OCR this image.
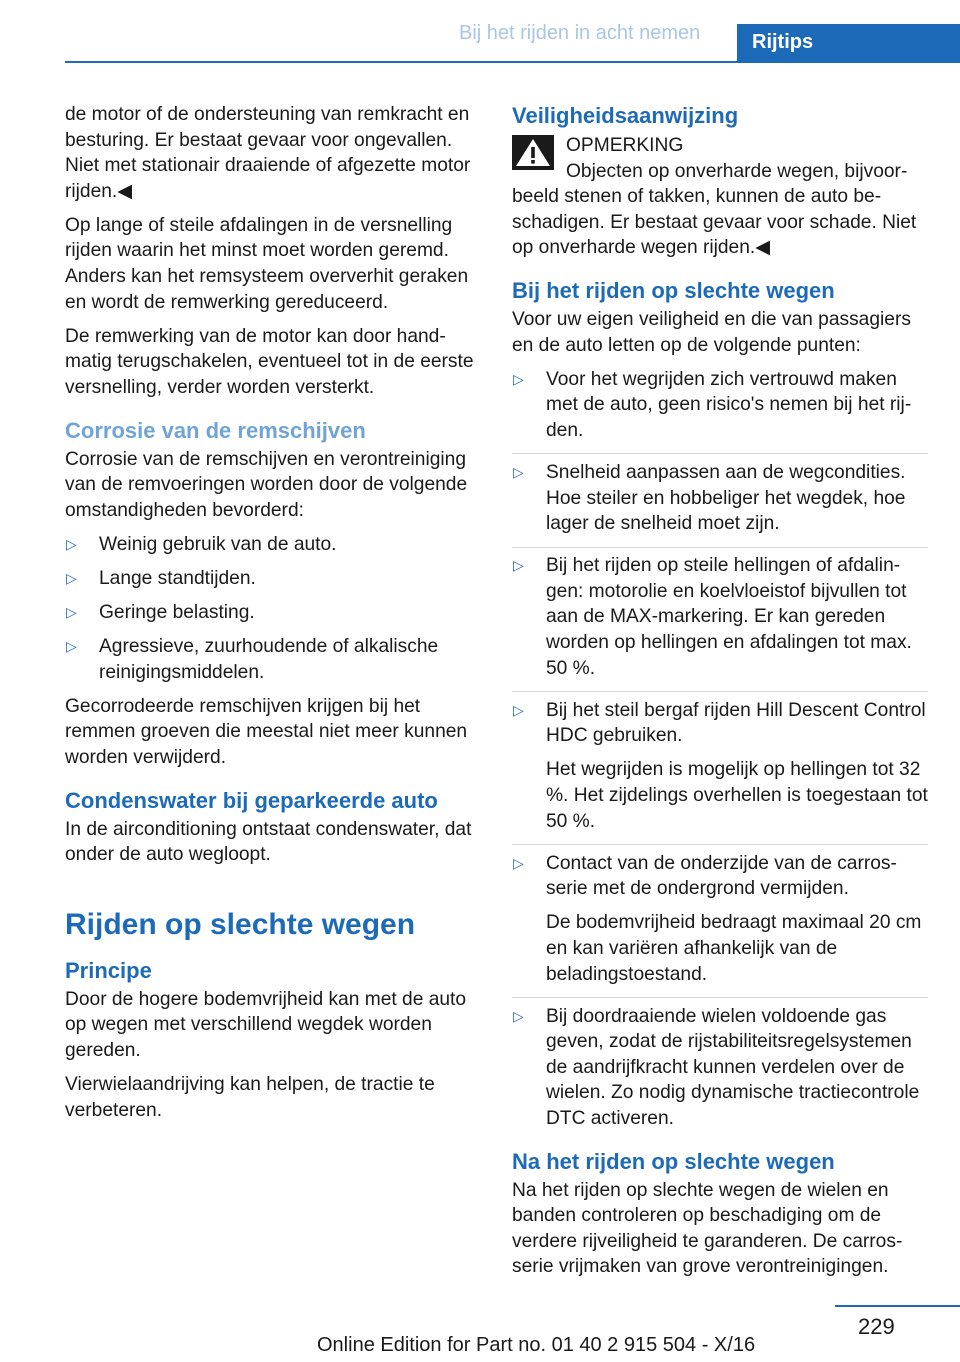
Bij het rijden in acht nemen	Rijtips

de motor of de ondersteuning van remkracht en besturing. Er bestaat gevaar voor ongevallen. Niet met stationair draaiende of afgezette motor rijden.◀

Op lange of steile afdalingen in de versnelling rijden waarin het minst moet worden geremd. Anders kan het remsysteem oververhit geraken en wordt de remwerking gereduceerd.

De remwerking van de motor kan door handmatig terugschakelen, eventueel tot in de eerste versnelling, verder worden versterkt.

Corrosie van de remschijven

Corrosie van de remschijven en verontreiniging van de remvoeringen worden door de volgende omstandigheden bevorderd:

▷ Weinig gebruik van de auto.
▷ Lange standtijden.
▷ Geringe belasting.
▷ Agressieve, zuurhoudende of alkalische reinigingsmiddelen.

Gecorrodeerde remschijven krijgen bij het remmen groeven die meestal niet meer kunnen worden verwijderd.

Condenswater bij geparkeerde auto

In de airconditioning ontstaat condenswater, dat onder de auto wegloopt.

Rijden op slechte wegen
Principe

Door de hogere bodemvrijheid kan met de auto op wegen met verschillend wegdek worden gereden.

Vierwielaandrijving kan helpen, de tractie te verbeteren.

Veiligheidsaanwijzing
OPMERKING

Objecten op onverharde wegen, bijvoorbeeld stenen of takken, kunnen de auto beschadigen. Er bestaat gevaar voor schade. Niet op onverharde wegen rijden.◀

Bij het rijden op slechte wegen

Voor uw eigen veiligheid en die van passagiers en de auto letten op de volgende punten:

▷ Voor het wegrijden zich vertrouwd maken met de auto, geen risico's nemen bij het rijden.
▷ Snelheid aanpassen aan de wegcondities. Hoe steiler en hobbeliger het wegdek, hoe lager de snelheid moet zijn.
▷ Bij het rijden op steile hellingen of afdalingen: motorolie en koelvloeistof bijvullen tot aan de MAX-markering. Er kan gereden worden op hellingen en afdalingen tot max. 50 %.
▷ Bij het steil bergaf rijden Hill Descent Control HDC gebruiken.

Het wegrijden is mogelijk op hellingen tot 32 %. Het zijdelings overhellen is toegestaan tot 50 %.

▷ Contact van de onderzijde van de carrosserie met de ondergrond vermijden.

De bodemvrijheid bedraagt maximaal 20 cm en kan variëren afhankelijk van de beladingstoestand.

▷ Bij doordraaiende wielen voldoende gas geven, zodat de rijstabiliteitsregelsystemen de aandrijfkracht kunnen verdelen over de wielen. Zo nodig dynamische tractiecontrole DTC activeren.
Na het rijden op slechte wegen

Na het rijden op slechte wegen de wielen en banden controleren op beschadiging om de verdere rijveiligheid te garanderen. De carrosserie vrijmaken van grove verontreinigingen.

229
Online Edition for Part no. 01 40 2 915 504 - X/16
